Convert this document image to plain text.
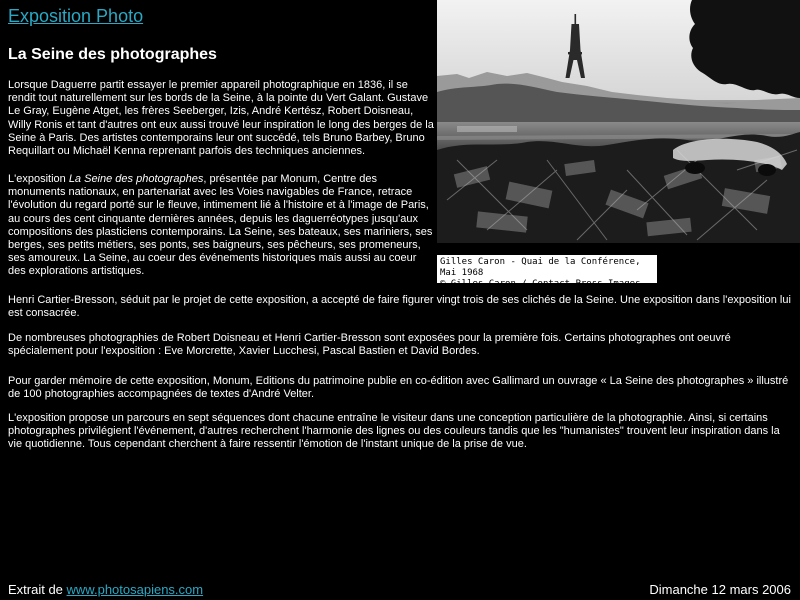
Exposition Photo
La Seine des photographes

Lorsque Daguerre partit essayer le premier appareil photographique en 1836, il se rendit tout naturellement sur les bords de la Seine, à la pointe du Vert Galant. Gustave Le Gray, Eugène Atget, les frères Seeberger, Izis, André Kertész, Robert Doisneau, Willy Ronis et tant d'autres ont eux aussi trouvé leur inspiration le long des berges de la Seine à Paris. Des artistes contemporains leur ont succédé, tels Bruno Barbey, Bruno Requillart ou Michaël Kenna reprenant parfois des techniques anciennes.

L'exposition La Seine des photographes, présentée par Monum, Centre des monuments nationaux, en partenariat avec les Voies navigables de France, retrace l'évolution du regard porté sur le fleuve, intimement lié à l'histoire et à l'image de Paris, au cours des cent cinquante dernières années, depuis les daguerréotypes jusqu'aux compositions des plasticiens contemporains. La Seine, ses bateaux, ses mariniers, ses berges, ses petits métiers, ses ponts, ses baigneurs, ses pêcheurs, ses promeneurs, ses amoureux. La Seine, au coeur des événements historiques mais aussi au coeur des explorations artistiques.

Gilles Caron - Quai de la Conférence, Mai 1968
© Gilles Caron / Contact Press Images

Henri Cartier-Bresson, séduit par le projet de cette exposition, a accepté de faire figurer vingt trois de ses clichés de la Seine. Une exposition dans l'exposition lui est consacrée.

De nombreuses photographies de Robert Doisneau et Henri Cartier-Bresson sont exposées pour la première fois. Certains photographes ont oeuvré spécialement pour l'exposition : Eve Morcrette, Xavier Lucchesi, Pascal Bastien et David Bordes.

Pour garder mémoire de cette exposition, Monum, Editions du patrimoine publie en co-édition avec Gallimard un ouvrage « La Seine des photographes » illustré de 100 photographies accompagnées de textes d'André Velter.

L'exposition propose un parcours en sept séquences dont chacune entraîne le visiteur dans une conception particulière de la photographie. Ainsi, si certains photographes privilégient l'événement, d'autres recherchent l'harmonie des lignes ou des couleurs tandis que les "humanistes" trouvent leur inspiration dans la vie quotidienne. Tous cependant cherchent à faire ressentir l'émotion de l'instant unique de la prise de vue.

Extrait de www.photosapiens.com	Dimanche 12 mars 2006
